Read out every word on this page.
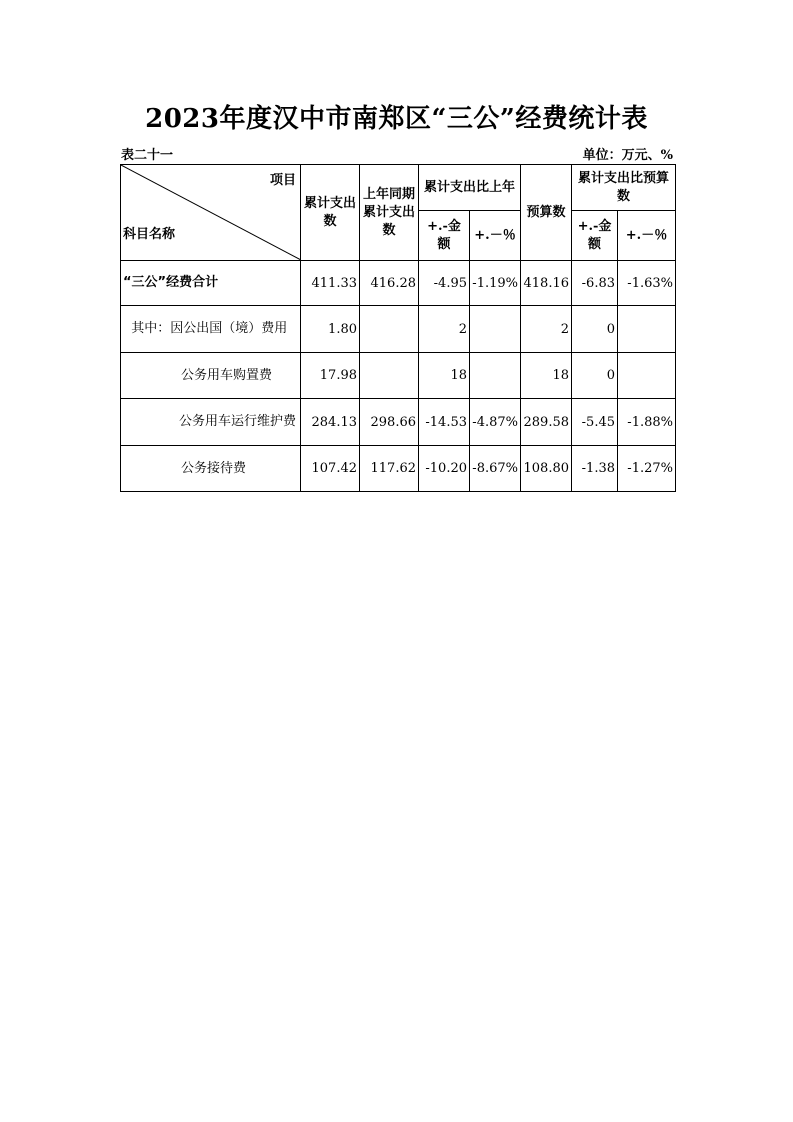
2023年度汉中市南郑区“三公”经费统计表
表二十一	单位：万元、%
项目
科目名称	累计支出数	上年同期累计支出数	累计支出比上年		预算数	累计支出比预算数	
			+.-金额	+.－％		+.-金额	+.－％
“三公”经费合计	411.33	416.28	-4.95	-1.19%	418.16	-6.83	-1.63%
其中：因公出国（境）费用	1.80		2		2	0	
公务用车购置费	17.98		18		18	0	
公务用车运行维护费	284.13	298.66	-14.53	-4.87%	289.58	-5.45	-1.88%
公务接待费	107.42	117.62	-10.20	-8.67%	108.80	-1.38	-1.27%
